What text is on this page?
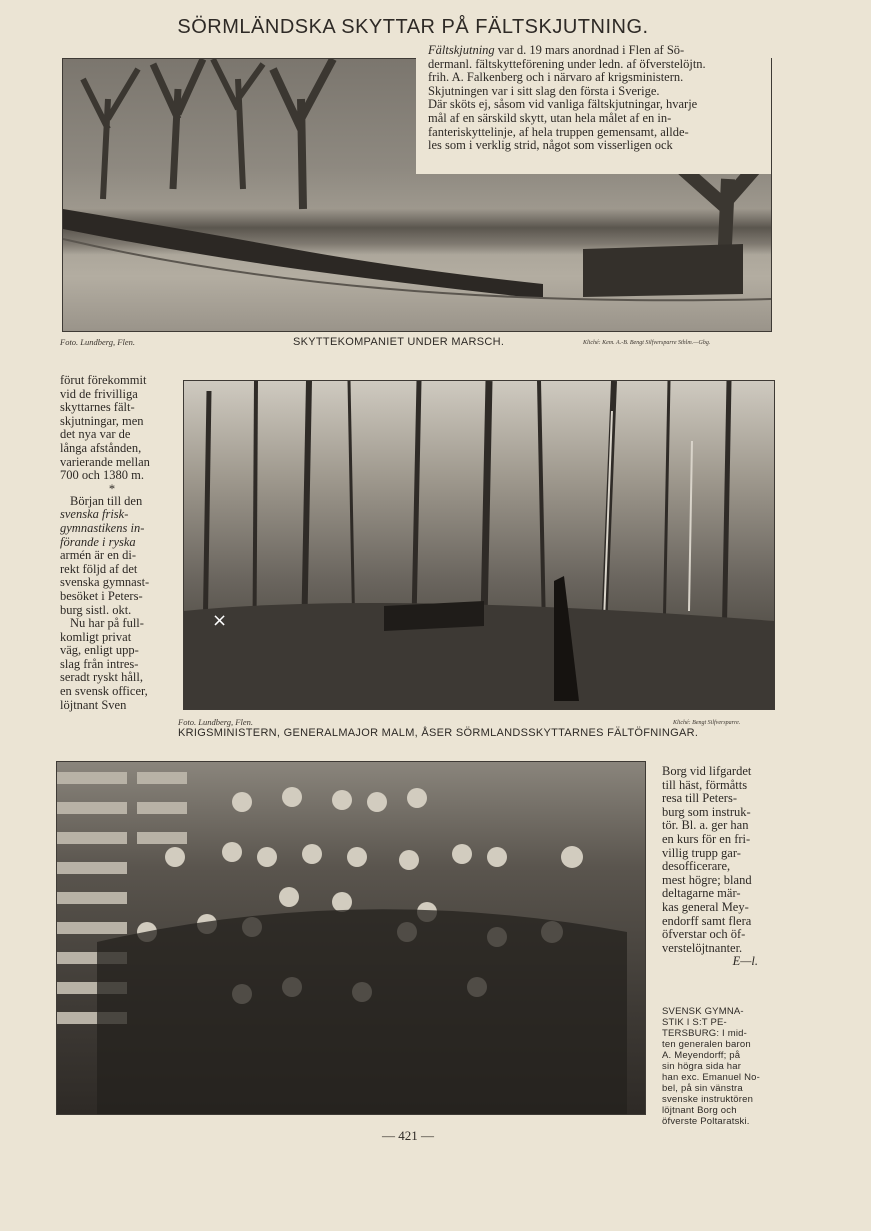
SÖRMLÄNDSKA SKYTTAR PÅ FÄLTSKJUTNING.
Fältskjutning var d. 19 mars anordnad i Flen af Sö-
dermanl. fältskytteförening under ledn. af öfverstelöjtn.
frih. A. Falkenberg och i närvaro af krigsministern.
Skjutningen var i sitt slag den första i Sverige.
Där sköts ej, såsom vid vanliga fältskjutningar, hvarje
mål af en särskild skytt, utan hela målet af en in-
fanteriskyttelinje, af hela truppen gemensamt, allde-
les som i verklig strid, något som visserligen ock
Foto. Lundberg, Flen.	SKYTTEKOMPANIET UNDER MARSCH.	Kliché: Kem. A.-B. Bengt Silfversparre Sthlm.—Gbg.

förut förekommit

vid de frivilliga

skyttarnes fält-

skjutningar, men

det nya var de

långa afstånden,

varierande mellan

700 och 1380 m.

*

Början till den

svenska frisk-

gymnastikens in-

förande i ryska

armén är en di-

rekt följd af det

svenska gymnast-

besöket i Peters-

burg sistl. okt.

Nu har på full-

komligt privat

väg, enligt upp-

slag från intres-

seradt ryskt håll,

en svensk officer,

löjtnant Sven

×
Foto. Lundberg, Flen.
KRIGSMINISTERN, GENERALMAJOR MALM, ÅSER SÖRMLANDSSKYTTARNES FÄLTÖFNINGAR.
Kliché: Bengt Silfversparre.

Borg vid lifgardet

till häst, förmåtts

resa till Peters-

burg som instruk-

tör. Bl. a. ger han

en kurs för en fri-

villig trupp gar-

desofficerare,

mest högre; bland

deltagarne mär-

kas general Mey-

endorff samt flera

öfverstar och öf-

verstelöjtnanter.

E—l.

SVENSK GYMNA-
STIK I S:T PE-
TERSBURG: I mid-
ten generalen baron
A. Meyendorff; på
sin högra sida har
han exc. Emanuel No-
bel, på sin vänstra
svenske instruktören
löjtnant Borg och
öfverste Poltaratski.
— 421 —
